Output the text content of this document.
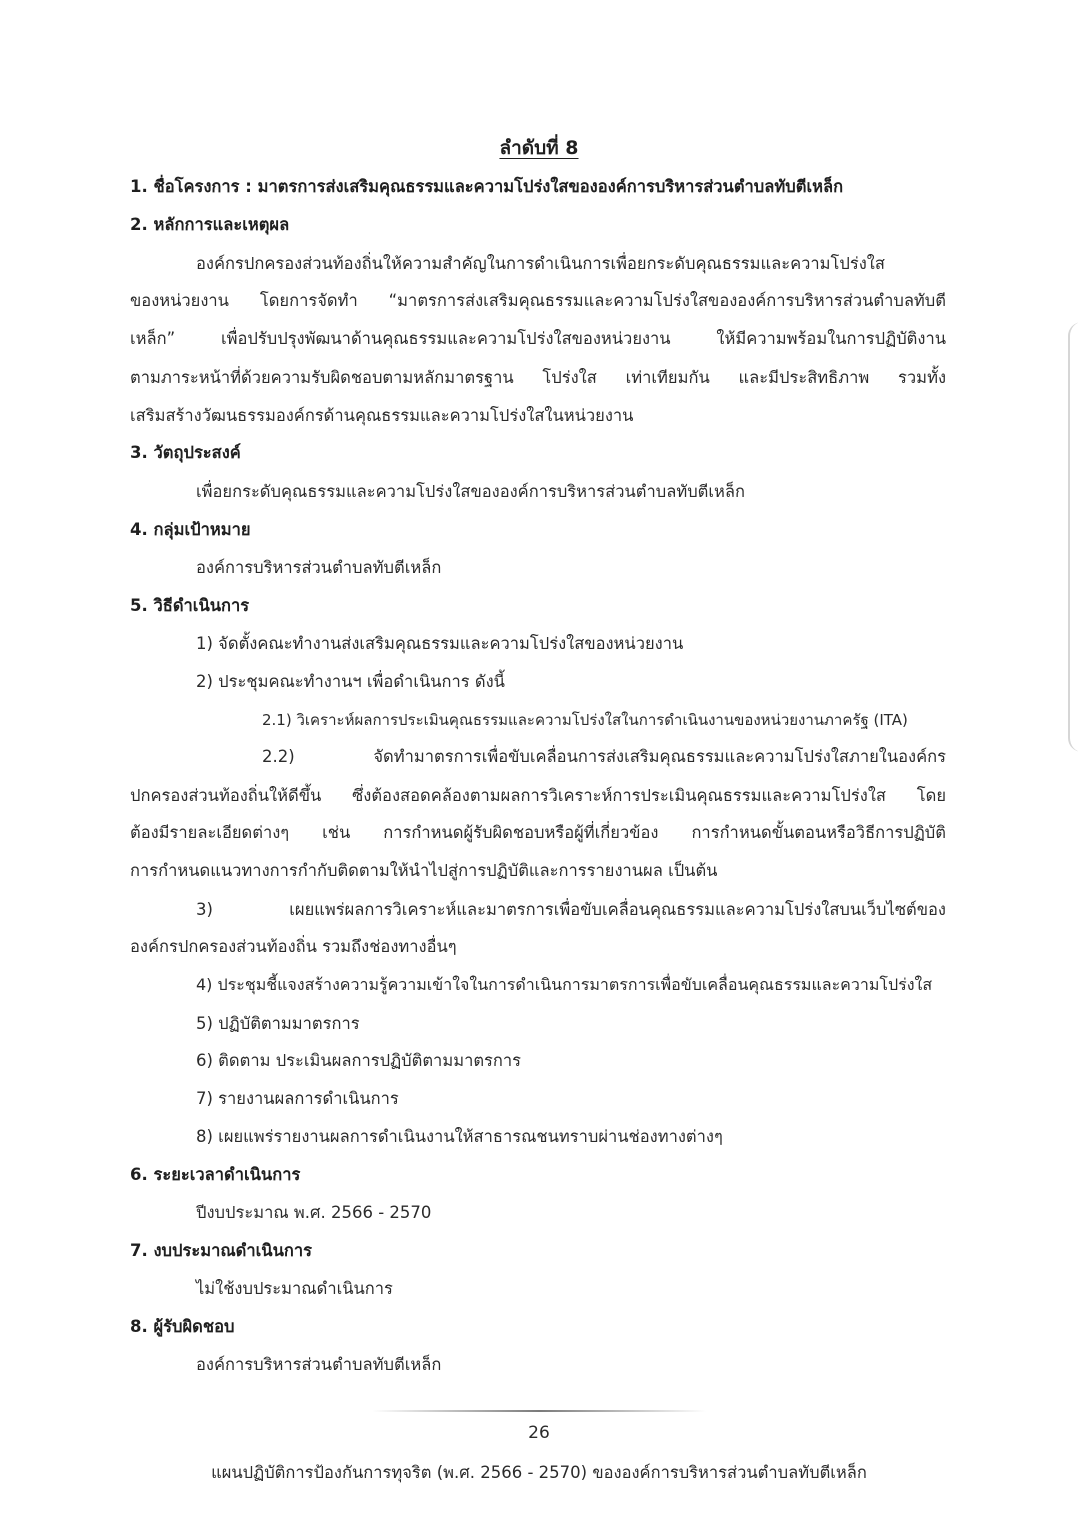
ลำดับที่ 8
1. ชื่อโครงการ : มาตรการส่งเสริมคุณธรรมและความโปร่งใสขององค์การบริหารส่วนตำบลทับตีเหล็ก
2. หลักการและเหตุผล
องค์กรปกครองส่วนท้องถิ่นให้ความสำคัญในการดำเนินการเพื่อยกระดับคุณธรรมและความโปร่งใส
ของหน่วยงาน โดยการจัดทำ “มาตรการส่งเสริมคุณธรรมและความโปร่งใสขององค์การบริหารส่วนตำบลทับตี
เหล็ก” เพื่อปรับปรุงพัฒนาด้านคุณธรรมและความโปร่งใสของหน่วยงาน ให้มีความพร้อมในการปฏิบัติงาน
ตามภาระหน้าที่ด้วยความรับผิดชอบตามหลักมาตรฐาน โปร่งใส เท่าเทียมกัน และมีประสิทธิภาพ รวมทั้ง
เสริมสร้างวัฒนธรรมองค์กรด้านคุณธรรมและความโปร่งใสในหน่วยงาน
3. วัตถุประสงค์
เพื่อยกระดับคุณธรรมและความโปร่งใสขององค์การบริหารส่วนตำบลทับตีเหล็ก
4. กลุ่มเป้าหมาย
องค์การบริหารส่วนตำบลทับตีเหล็ก
5. วิธีดำเนินการ
1) จัดตั้งคณะทำงานส่งเสริมคุณธรรมและความโปร่งใสของหน่วยงาน
2) ประชุมคณะทำงานฯ เพื่อดำเนินการ ดังนี้
2.1) วิเคราะห์ผลการประเมินคุณธรรมและความโปร่งใสในการดำเนินงานของหน่วยงานภาครัฐ (ITA)
2.2) จัดทำมาตรการเพื่อขับเคลื่อนการส่งเสริมคุณธรรมและความโปร่งใสภายในองค์กร
ปกครองส่วนท้องถิ่นให้ดีขึ้น ซึ่งต้องสอดคล้องตามผลการวิเคราะห์การประเมินคุณธรรมและความโปร่งใส โดย
ต้องมีรายละเอียดต่างๆ เช่น การกำหนดผู้รับผิดชอบหรือผู้ที่เกี่ยวข้อง การกำหนดขั้นตอนหรือวิธีการปฏิบัติ
การกำหนดแนวทางการกำกับติดตามให้นำไปสู่การปฏิบัติและการรายงานผล เป็นต้น
3) เผยแพร่ผลการวิเคราะห์และมาตรการเพื่อขับเคลื่อนคุณธรรมและความโปร่งใสบนเว็บไซต์ของ
องค์กรปกครองส่วนท้องถิ่น รวมถึงช่องทางอื่นๆ
4) ประชุมชี้แจงสร้างความรู้ความเข้าใจในการดำเนินการมาตรการเพื่อขับเคลื่อนคุณธรรมและความโปร่งใส
5) ปฏิบัติตามมาตรการ
6) ติดตาม ประเมินผลการปฏิบัติตามมาตรการ
7) รายงานผลการดำเนินการ
8) เผยแพร่รายงานผลการดำเนินงานให้สาธารณชนทราบผ่านช่องทางต่างๆ
6. ระยะเวลาดำเนินการ
ปีงบประมาณ พ.ศ. 2566 - 2570
7. งบประมาณดำเนินการ
ไม่ใช้งบประมาณดำเนินการ
8. ผู้รับผิดชอบ
องค์การบริหารส่วนตำบลทับตีเหล็ก
26
แผนปฏิบัติการป้องกันการทุจริต (พ.ศ. 2566 - 2570) ขององค์การบริหารส่วนตำบลทับตีเหล็ก
